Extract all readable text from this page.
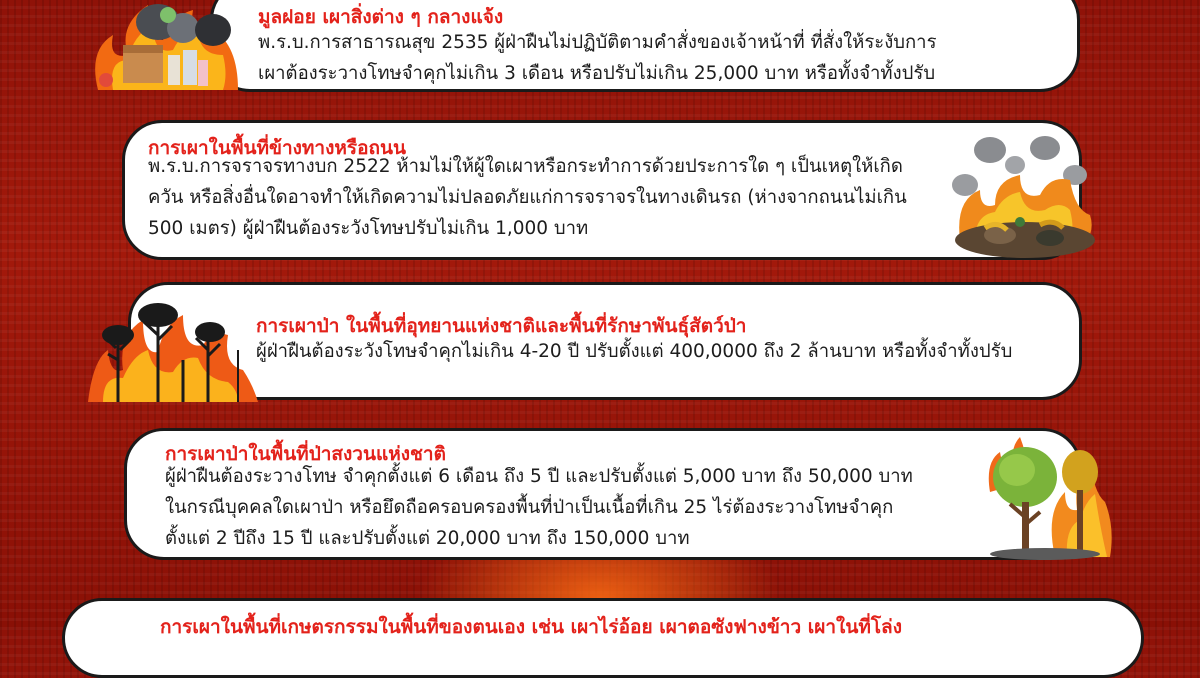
มูลฝอย เผาสิ่งต่าง ๆ กลางแจ้ง
พ.ร.บ.การสาธารณสุข 2535 ผู้ฝ่าฝืนไม่ปฏิบัติตามคำสั่งของเจ้าหน้าที่ ที่สั่งให้ระงับการ
เผาต้องระวางโทษจำคุกไม่เกิน 3 เดือน หรือปรับไม่เกิน 25,000 บาท หรือทั้งจำทั้งปรับ
การเผาในพื้นที่ข้างทางหรือถนน
พ.ร.บ.การจราจรทางบก 2522 ห้ามไม่ให้ผู้ใดเผาหรือกระทำการด้วยประการใด ๆ เป็นเหตุให้เกิด
ควัน หรือสิ่งอื่นใดอาจทำให้เกิดความไม่ปลอดภัยแก่การจราจรในทางเดินรถ (ห่างจากถนนไม่เกิน
500 เมตร) ผู้ฝ่าฝืนต้องระวังโทษปรับไม่เกิน 1,000 บาท
การเผาป่า ในพื้นที่อุทยานแห่งชาติและพื้นที่รักษาพันธุ์สัตว์ป่า
ผู้ฝ่าฝืนต้องระวังโทษจำคุกไม่เกิน 4-20 ปี ปรับตั้งแต่ 400,0000 ถึง 2 ล้านบาท หรือทั้งจำทั้งปรับ
การเผาป่าในพื้นที่ป่าสงวนแห่งชาติ
ผู้ฝ่าฝืนต้องระวางโทษ จำคุกตั้งแต่ 6 เดือน ถึง 5 ปี และปรับตั้งแต่ 5,000 บาท ถึง 50,000 บาท
ในกรณีบุคคลใดเผาป่า หรือยึดถือครอบครองพื้นที่ป่าเป็นเนื้อที่เกิน 25 ไร่ต้องระวางโทษจำคุก
ตั้งแต่ 2 ปีถึง 15 ปี และปรับตั้งแต่ 20,000 บาท ถึง 150,000 บาท
การเผาในพื้นที่เกษตรกรรมในพื้นที่ของตนเอง เช่น เผาไร่อ้อย เผาตอซังฟางข้าว เผาในที่โล่ง
